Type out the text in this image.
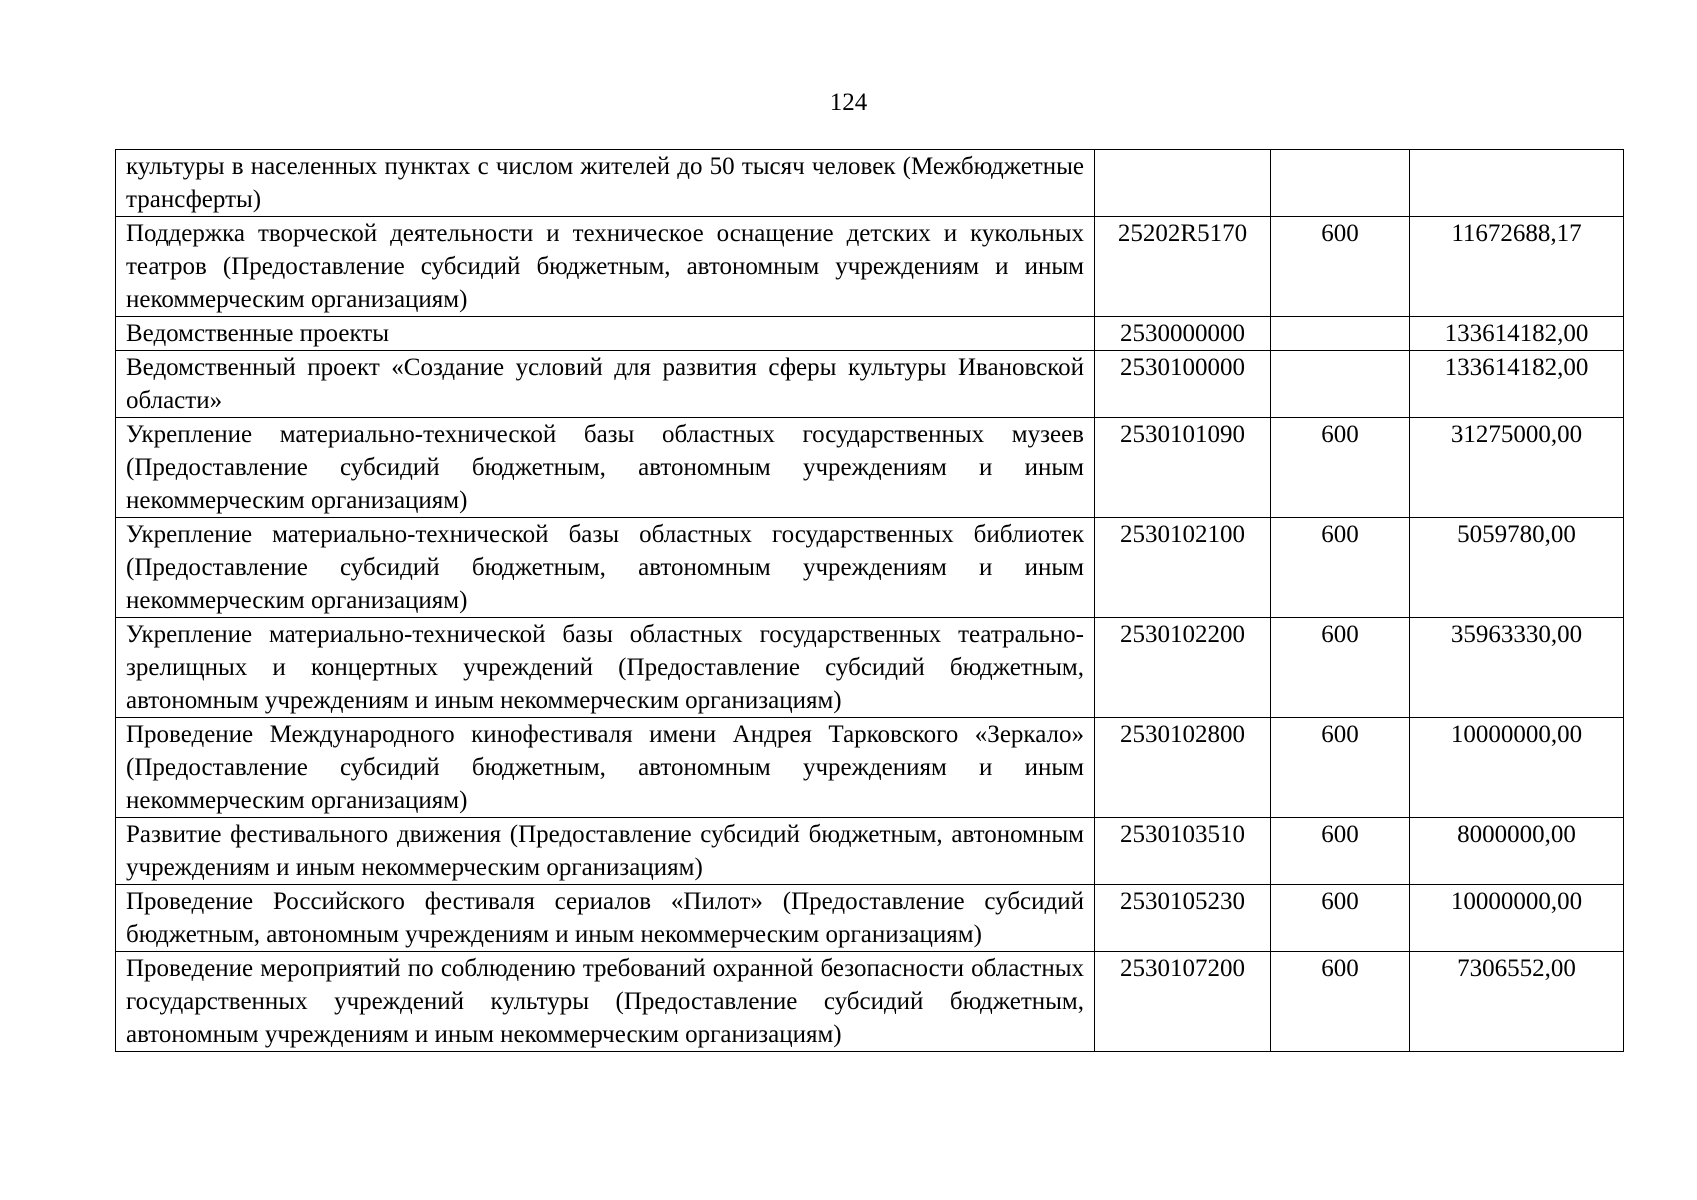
124
культуры в населенных пунктах с числом жителей до 50 тысяч человек (Межбюджетные трансферты)			
Поддержка творческой деятельности и техническое оснащение детских и кукольных театров (Предоставление субсидий бюджетным, автономным учреждениям и иным некоммерческим организациям)	25202R5170	600	11672688,17
Ведомственные проекты	2530000000		133614182,00
Ведомственный проект «Создание условий для развития сферы культуры Ивановской области»	2530100000		133614182,00
Укрепление материально-технической базы областных государственных музеев (Предоставление субсидий бюджетным, автономным учреждениям и иным некоммерческим организациям)	2530101090	600	31275000,00
Укрепление материально-технической базы областных государственных библиотек (Предоставление субсидий бюджетным, автономным учреждениям и иным некоммерческим организациям)	2530102100	600	5059780,00
Укрепление материально-технической базы областных государственных театрально-зрелищных и концертных учреждений (Предоставление субсидий бюджетным, автономным учреждениям и иным некоммерческим организациям)	2530102200	600	35963330,00
Проведение Международного кинофестиваля имени Андрея Тарковского «Зеркало» (Предоставление субсидий бюджетным, автономным учреждениям и иным некоммерческим организациям)	2530102800	600	10000000,00
Развитие фестивального движения (Предоставление субсидий бюджетным, автономным учреждениям и иным некоммерческим организациям)	2530103510	600	8000000,00
Проведение Российского фестиваля сериалов «Пилот» (Предоставление субсидий бюджетным, автономным учреждениям и иным некоммерческим организациям)	2530105230	600	10000000,00
Проведение мероприятий по соблюдению требований охранной безопасности областных государственных учреждений культуры (Предоставление субсидий бюджетным, автономным учреждениям и иным некоммерческим организациям)	2530107200	600	7306552,00
